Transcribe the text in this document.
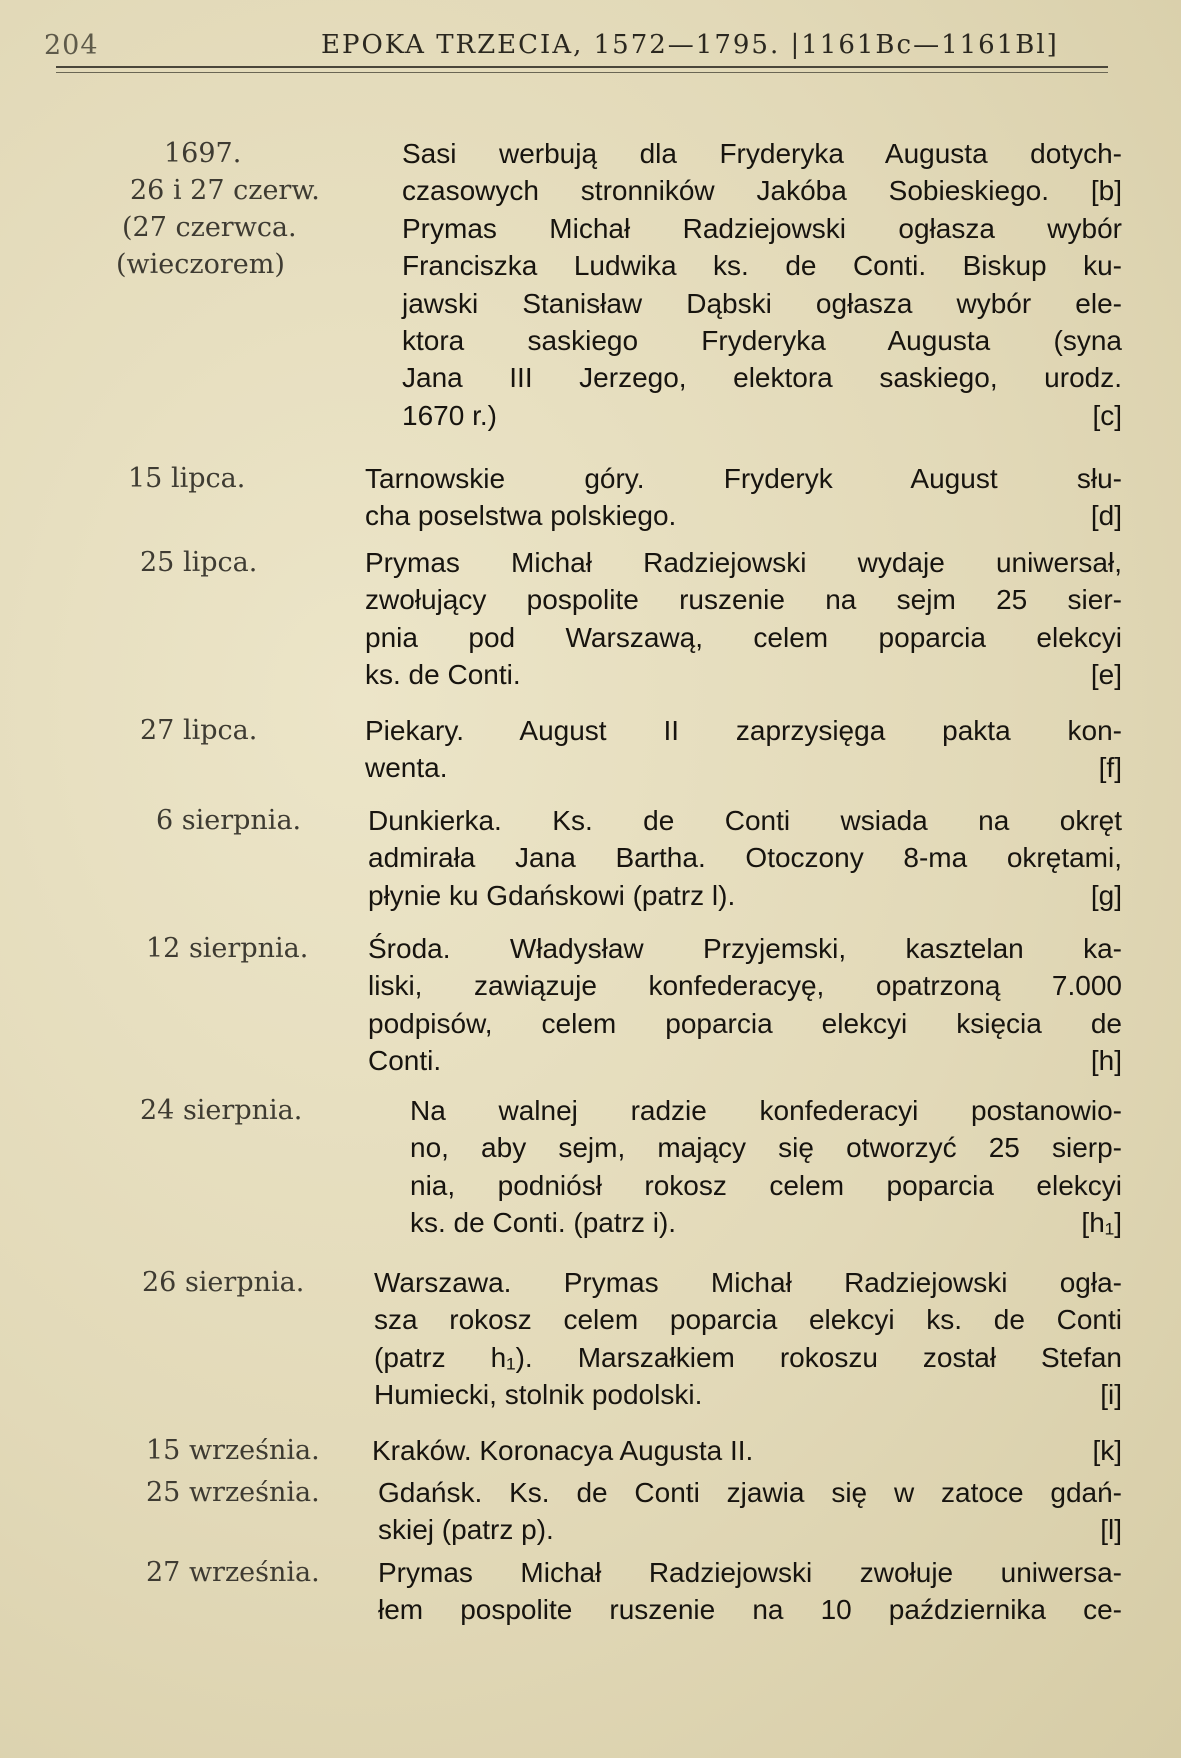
204	EPOKA TRZECIA, 1572—1795. |1161Bc—1161Bl]
1697.
26 i 27 czerw.
(27 czerwca.
(wieczorem)
Sasi werbują dla Fryderyka Augusta dotych-
czasowych stronników Jakóba Sobieskiego. [b]
Prymas Michał Radziejowski ogłasza wybór
Franciszka Ludwika ks. de Conti. Biskup ku-
jawski Stanisław Dąbski ogłasza wybór ele-
ktora saskiego Fryderyka Augusta (syna
Jana III Jerzego, elektora saskiego, urodz.
1670 r.)	[c]
15 lipca.	Tarnowskie góry. Fryderyk August słu-
cha poselstwa polskiego.	[d]
25 lipca.	Prymas Michał Radziejowski wydaje uniwersał,
zwołujący pospolite ruszenie na sejm 25 sier-
pnia pod Warszawą, celem poparcia elekcyi
ks. de Conti.	[e]
27 lipca.	Piekary. August II zaprzysięga pakta kon-
wenta.	[f]
6 sierpnia. Dunkierka. Ks. de Conti wsiada na okręt
admirała Jana Bartha. Otoczony 8-ma okrętami,
płynie ku Gdańskowi (patrz l).	[g]
12 sierpnia. Środa. Władysław Przyjemski, kasztelan ka-
liski, zawiązuje konfederacyę, opatrzoną 7.000
podpisów, celem poparcia elekcyi księcia de
Conti.	[h]
24 sierpnia.	Na walnej radzie konfederacyi postanowio-
no, aby sejm, mający się otworzyć 25 sierp-
nia, podniósł rokosz celem poparcia elekcyi
ks. de Conti. (patrz i).	[h₁]
26 sierpnia. Warszawa. Prymas Michał Radziejowski ogła-
sza rokosz celem poparcia elekcyi ks. de Conti
(patrz h₁). Marszałkiem rokoszu został Stefan
Humiecki, stolnik podolski.	[i]
15 września. Kraków. Koronacya Augusta II.	[k]
25 września. Gdańsk. Ks. de Conti zjawia się w zatoce gdań-
skiej (patrz p).	[l]
27 września. Prymas Michał Radziejowski zwołuje uniwersa-
łem pospolite ruszenie na 10 października ce-
